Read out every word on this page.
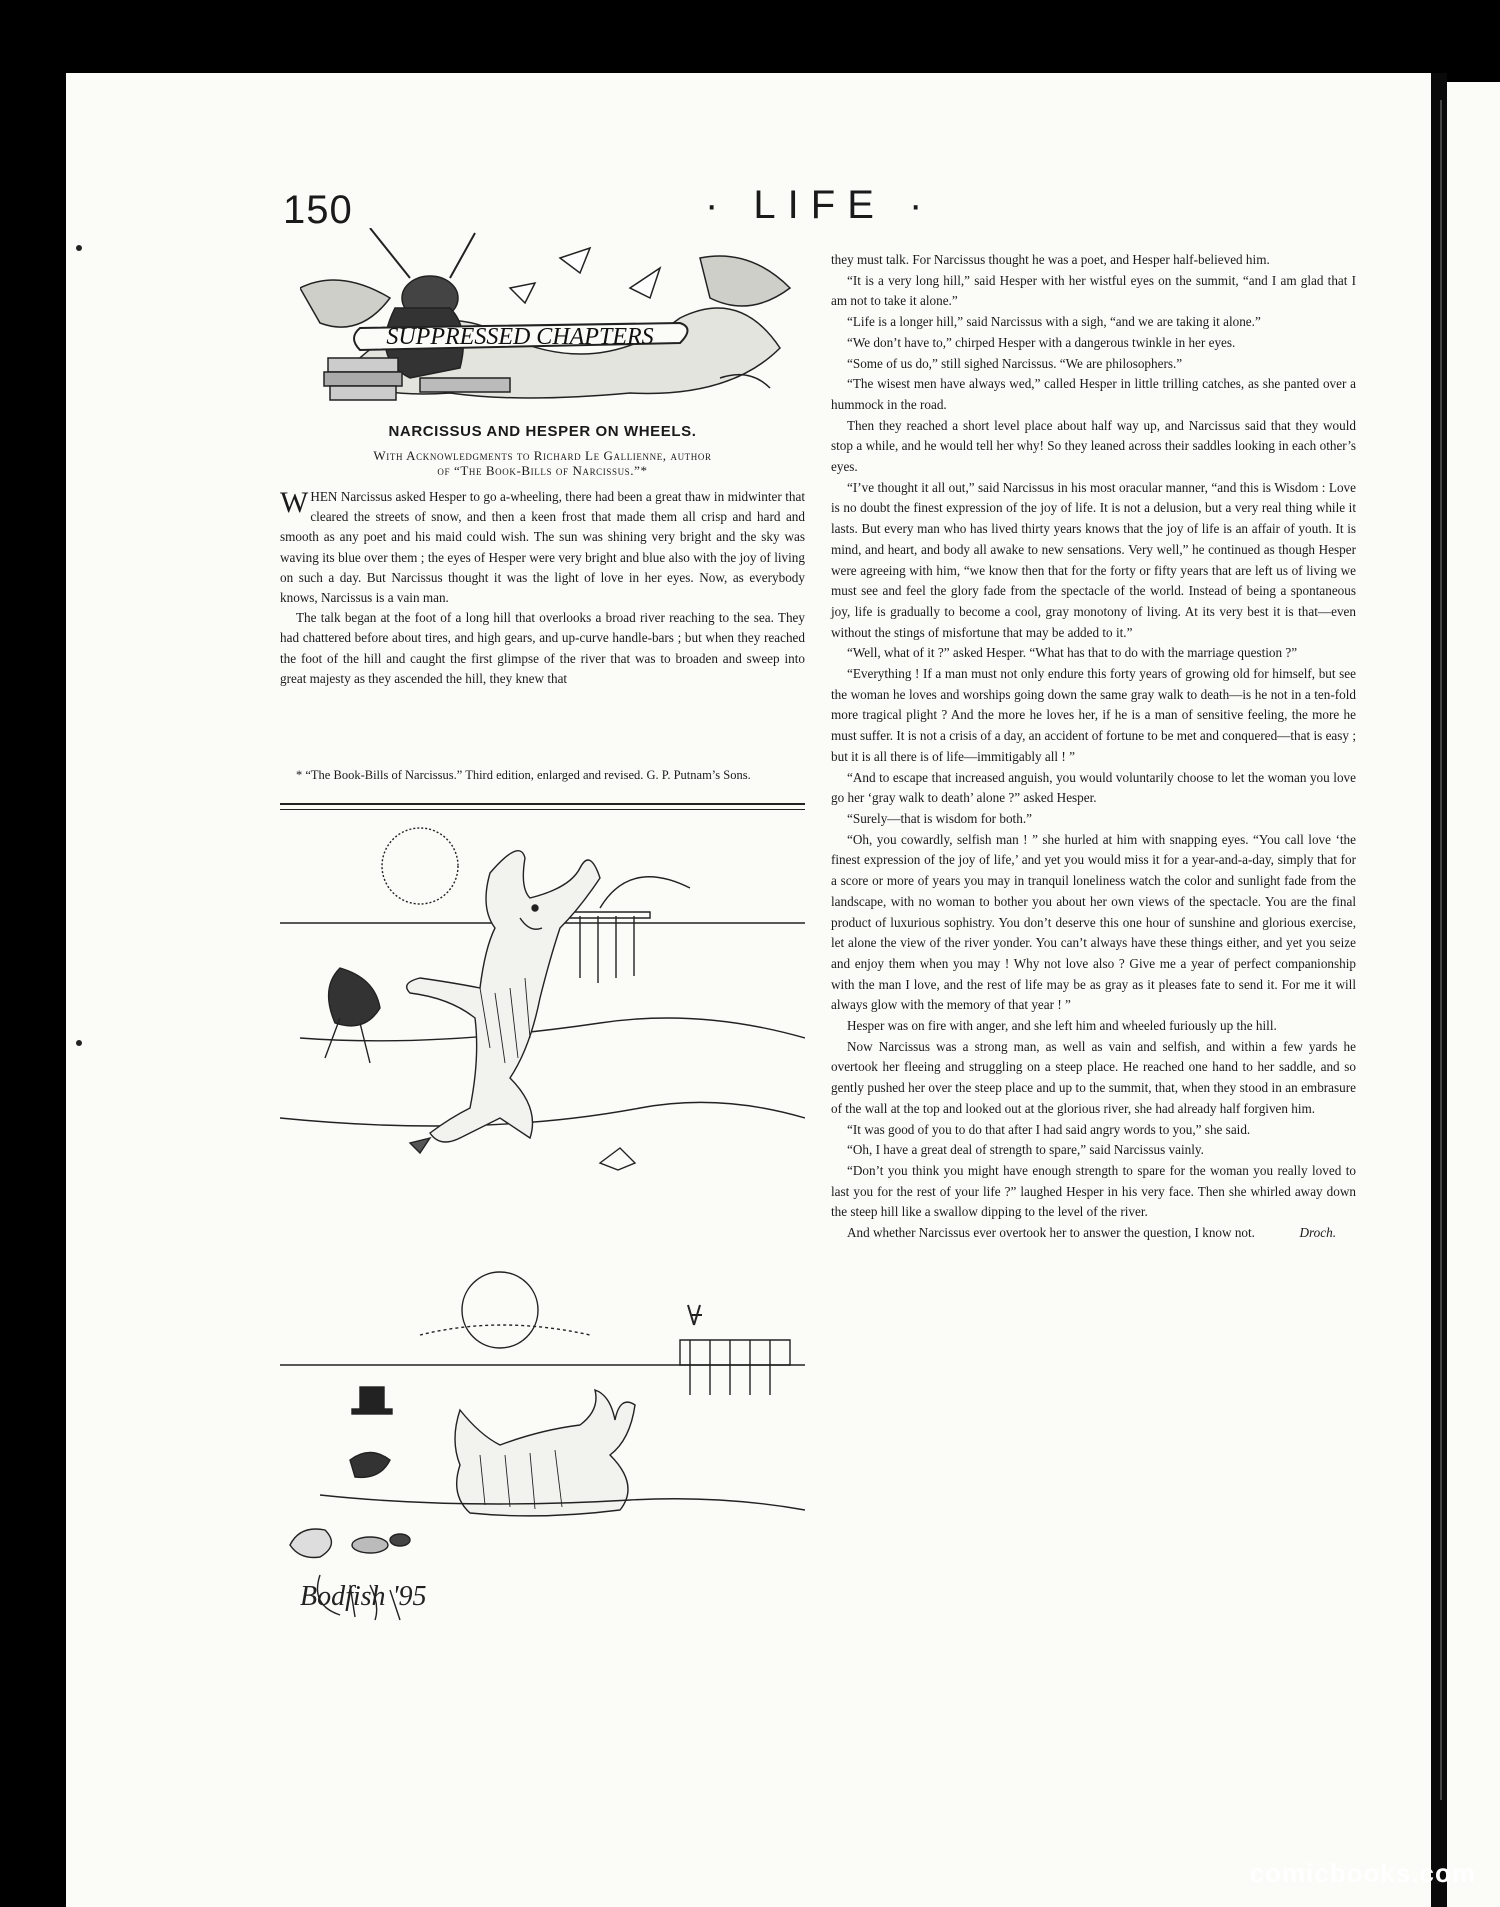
150	· LIFE ·
SUPPRESSED CHAPTERS
NARCISSUS AND HESPER ON WHEELS.
With Acknowledgments to Richard Le Gallienne, author
of “The Book-Bills of Narcissus.”*

WHEN Narcissus asked Hesper to go a-wheeling, there had been a great thaw in midwinter that cleared the streets of snow, and then a keen frost that made them all crisp and hard and smooth as any poet and his maid could wish. The sun was shining very bright and the sky was waving its blue over them ; the eyes of Hesper were very bright and blue also with the joy of living on such a day. But Narcissus thought it was the light of love in her eyes. Now, as everybody knows, Narcissus is a vain man.

The talk began at the foot of a long hill that overlooks a broad river reaching to the sea. They had chattered before about tires, and high gears, and up-curve handle-bars ; but when they reached the foot of the hill and caught the first glimpse of the river that was to broaden and sweep into great majesty as they ascended the hill, they knew that

* “The Book-Bills of Narcissus.” Third edition, enlarged and revised. G. P. Putnam’s Sons.
Bodfish '95

they must talk. For Narcissus thought he was a poet, and Hesper half-believed him.

“It is a very long hill,” said Hesper with her wistful eyes on the summit, “and I am glad that I am not to take it alone.”

“Life is a longer hill,” said Narcissus with a sigh, “and we are taking it alone.”

“We don’t have to,” chirped Hesper with a dangerous twinkle in her eyes.

“Some of us do,” still sighed Narcissus. “We are philosophers.”

“The wisest men have always wed,” called Hesper in little trilling catches, as she panted over a hummock in the road.

Then they reached a short level place about half way up, and Narcissus said that they would stop a while, and he would tell her why! So they leaned across their saddles looking in each other’s eyes.

“I’ve thought it all out,” said Narcissus in his most oracular manner, “and this is Wisdom : Love is no doubt the finest expression of the joy of life. It is not a delusion, but a very real thing while it lasts. But every man who has lived thirty years knows that the joy of life is an affair of youth. It is mind, and heart, and body all awake to new sensations. Very well,” he continued as though Hesper were agreeing with him, “we know then that for the forty or fifty years that are left us of living we must see and feel the glory fade from the spectacle of the world. Instead of being a spontaneous joy, life is gradually to become a cool, gray monotony of living. At its very best it is that—even without the stings of misfortune that may be added to it.”

“Well, what of it ?” asked Hesper. “What has that to do with the marriage question ?”

“Everything ! If a man must not only endure this forty years of growing old for himself, but see the woman he loves and worships going down the same gray walk to death—is he not in a ten-fold more tragical plight ? And the more he loves her, if he is a man of sensitive feeling, the more he must suffer. It is not a crisis of a day, an accident of fortune to be met and conquered—that is easy ; but it is all there is of life—immitigably all ! ”

“And to escape that increased anguish, you would voluntarily choose to let the woman you love go her ‘gray walk to death’ alone ?” asked Hesper.

“Surely—that is wisdom for both.”

“Oh, you cowardly, selfish man ! ” she hurled at him with snapping eyes. “You call love ‘the finest expression of the joy of life,’ and yet you would miss it for a year-and-a-day, simply that for a score or more of years you may in tranquil loneliness watch the color and sunlight fade from the landscape, with no woman to bother you about her own views of the spectacle. You are the final product of luxurious sophistry. You don’t deserve this one hour of sunshine and glorious exercise, let alone the view of the river yonder. You can’t always have these things either, and yet you seize and enjoy them when you may ! Why not love also ? Give me a year of perfect companionship with the man I love, and the rest of life may be as gray as it pleases fate to send it. For me it will always glow with the memory of that year ! ”

Hesper was on fire with anger, and she left him and wheeled furiously up the hill.

Now Narcissus was a strong man, as well as vain and selfish, and within a few yards he overtook her fleeing and struggling on a steep place. He reached one hand to her saddle, and so gently pushed her over the steep place and up to the summit, that, when they stood in an embrasure of the wall at the top and looked out at the glorious river, she had already half forgiven him.

“It was good of you to do that after I had said angry words to you,” she said.

“Oh, I have a great deal of strength to spare,” said Narcissus vainly.

“Don’t you think you might have enough strength to spare for the woman you really loved to last you for the rest of your life ?” laughed Hesper in his very face. Then she whirled away down the steep hill like a swallow dipping to the level of the river.

And whether Narcissus ever overtook her to answer the question, I know not.	Droch.

comicbooks.com
